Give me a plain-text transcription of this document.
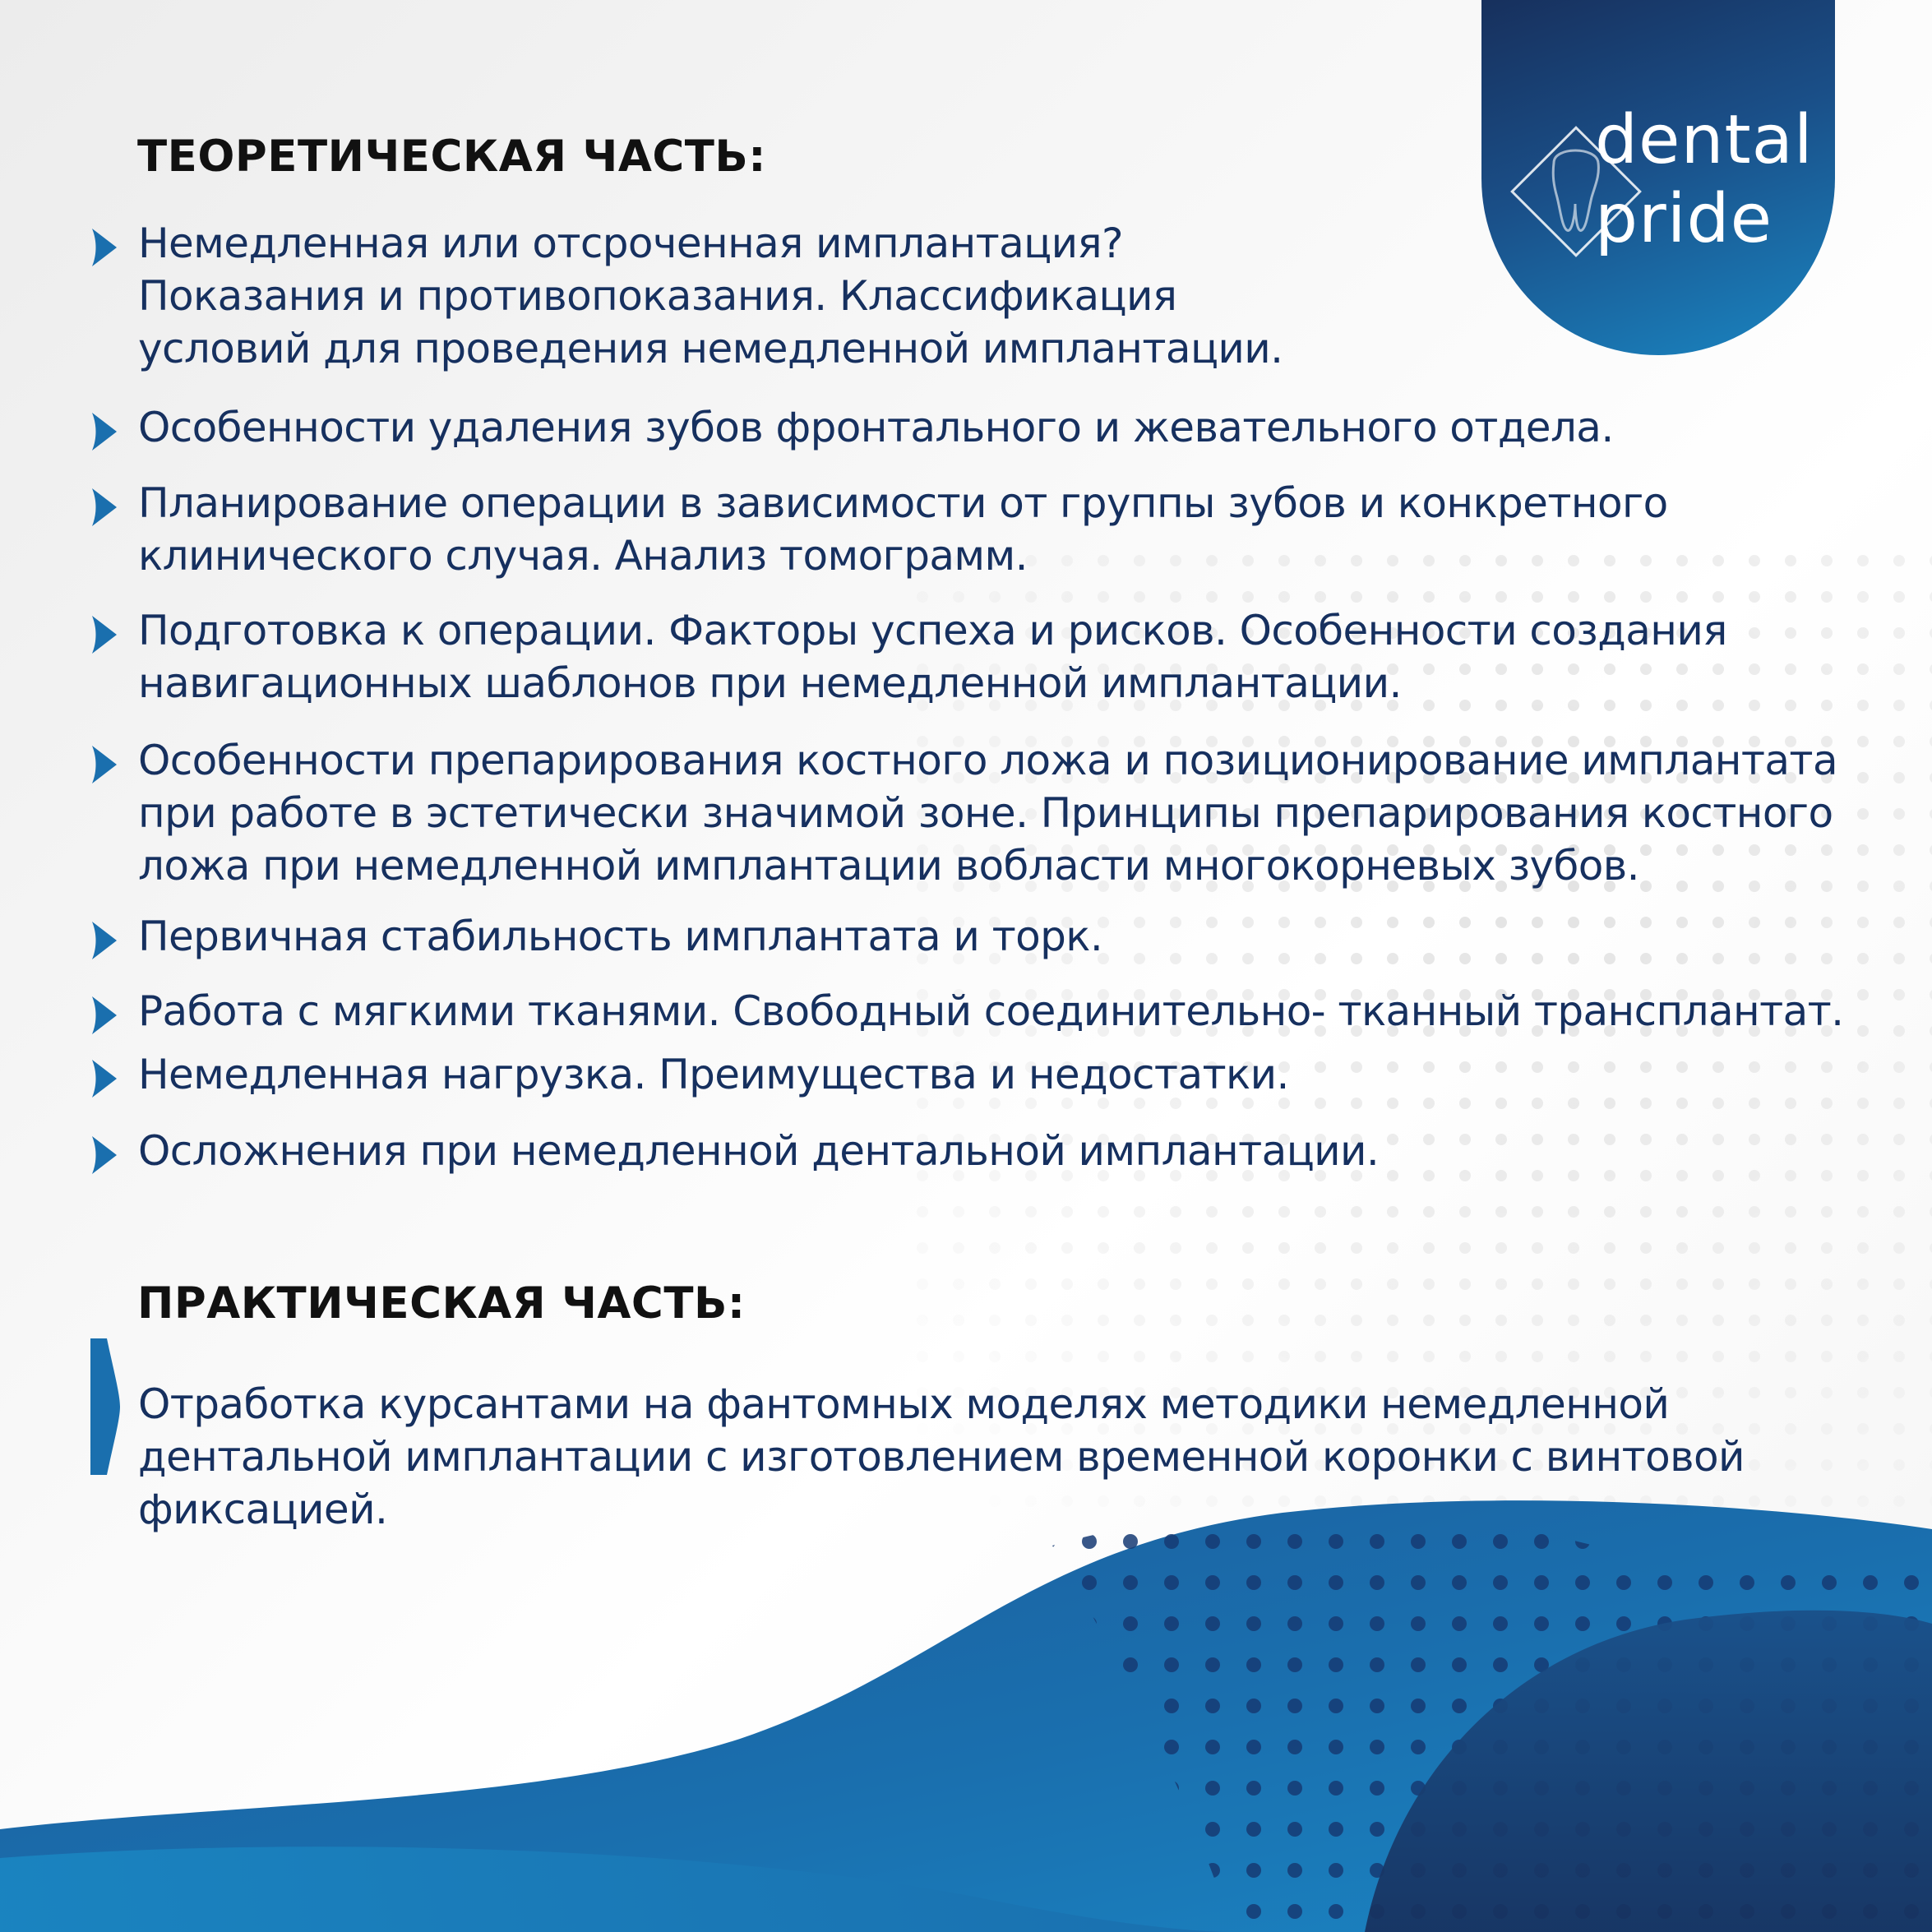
dental
pride
ТЕОРЕТИЧЕСКАЯ ЧАСТЬ:

Немедленная или отсроченная имплантация?
Показания и противопоказания. Классификация
условий для проведения немедленной имплантации.

Особенности удаления зубов фронтального и жевательного отдела.

Планирование операции в зависимости от группы зубов и конкретного
клинического случая. Анализ томограмм.

Подготовка к операции. Факторы успеха и рисков. Особенности создания
навигационных шаблонов при немедленной имплантации.

Особенности препарирования костного ложа и позиционирование имплантата
при работе в эстетически значимой зоне. Принципы препарирования костного
ложа при немедленной имплантации вобласти многокорневых зубов.

Первичная стабильность имплантата и торк.

Работа с мягкими тканями. Свободный соединительно- тканный трансплантат.

Немедленная нагрузка. Преимущества и недостатки.

Осложнения при немедленной дентальной имплантации.

ПРАКТИЧЕСКАЯ ЧАСТЬ:

Отработка курсантами на фантомных моделях методики немедленной
дентальной имплантации с изготовлением временной коронки с винтовой
фиксацией.
